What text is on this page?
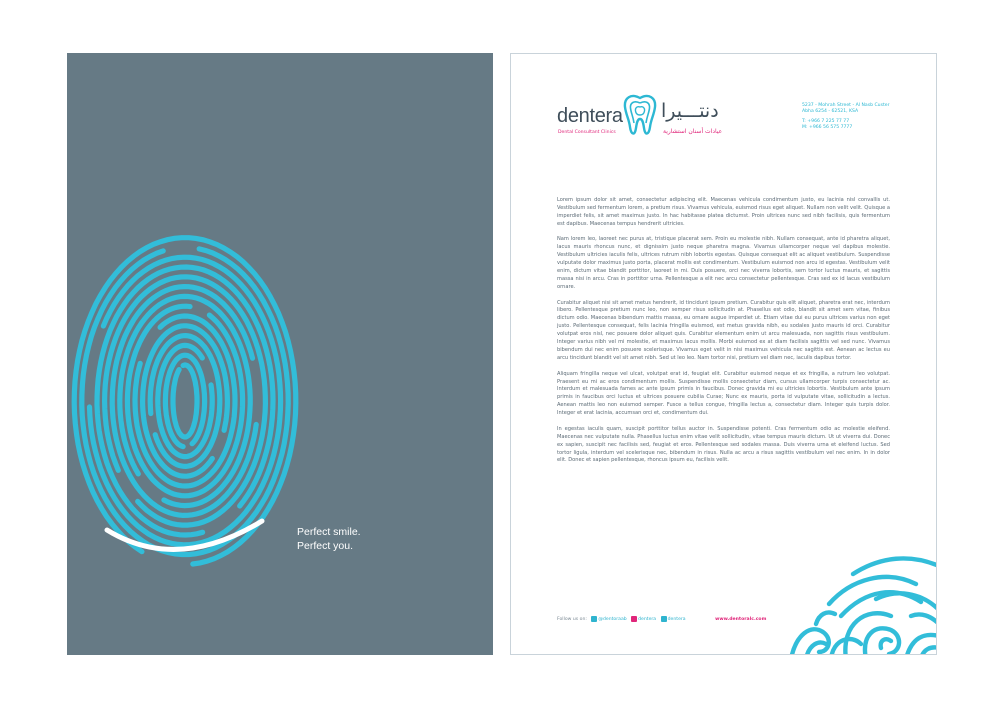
Perfect smile.
Perfect you.
dentera
Dental Consultant Clinics
دنتـــيرا
عيادات أسنان استشارية
5237 - Mohrah Street - Al Nasb Custer
Abha 6254 - 62521, KSA
T: +966 7 225 77 77
M: +966 56 575 7777

Lorem ipsum dolor sit amet, consectetur adipiscing elit. Maecenas vehicula condimentum justo, eu lacinia nisl convallis ut. Vestibulum sed fermentum lorem, a pretium risus. Vivamus vehicula, euismod risus eget aliquet. Nullam non velit velit. Quisque a imperdiet felis, sit amet maximus justo. In hac habitasse platea dictumst. Proin ultrices nunc sed nibh facilisis, quis fermentum est dapibus. Maecenas tempus hendrerit ultricies.

Nam lorem leo, laoreet nec purus at, tristique placerat sem. Proin eu molestie nibh. Nullam consequat, ante id pharetra aliquet, lacus mauris rhoncus nunc, et dignissim justo neque pharetra magna. Vivamus ullamcorper neque vel dapibus molestie. Vestibulum ultricies iaculis felis, ultrices rutrum nibh lobortis egestas. Quisque consequat elit ac aliquet vestibulum. Suspendisse vulputate dolor maximus justo porta, placerat mollis est condimentum. Vestibulum euismod non arcu id egestas. Vestibulum velit enim, dictum vitae blandit porttitor, laoreet in mi. Duis posuere, orci nec viverra lobortis, sem tortor luctus mauris, et sagittis massa nisi in arcu. Cras in porttitor urna. Pellentesque a elit nec arcu consectetur pellentesque. Cras sed ex id lacus vestibulum ornare.

Curabitur aliquet nisi sit amet metus hendrerit, id tincidunt ipsum pretium. Curabitur quis elit aliquet, pharetra erat nec, interdum libero. Pellentesque pretium nunc leo, non semper risus sollicitudin at. Phasellus est odio, blandit sit amet sem vitae, finibus dictum odio. Maecenas bibendum mattis massa, eu ornare augue imperdiet ut. Etiam vitae dui eu purus ultrices varius non eget justo. Pellentesque consequat, felis lacinia fringilla euismod, est metus gravida nibh, eu sodales justo mauris id orci. Curabitur volutpat eros nisl, nec posuere dolor aliquet quis. Curabitur elementum enim ut arcu malesuada, non sagittis risus vestibulum. Integer varius nibh vel mi molestie, et maximus lacus mollis. Morbi euismod ex at diam facilisis sagittis vel sed nunc. Vivamus bibendum dui nec enim posuere scelerisque. Vivamus eget velit in nisi maximus vehicula nec sagittis est. Aenean ac lectus eu arcu tincidunt blandit vel sit amet nibh. Sed ut leo leo. Nam tortor nisi, pretium vel diam nec, iaculis dapibus tortor.

Aliquam fringilla neque vel ulcat, volutpat erat id, feugiat elit. Curabitur euismod neque et ex fringilla, a rutrum leo volutpat. Praesent eu mi ac eros condimentum mollis. Suspendisse mollis consectetur diam, cursus ullamcorper turpis consectetur ac. Interdum et malesuada fames ac ante ipsum primis in faucibus. Donec gravida mi eu ultricies lobortis. Vestibulum ante ipsum primis in faucibus orci luctus et ultrices posuere cubilia Curae; Nunc ex mauris, porta id vulputate vitae, sollicitudin a lectus. Aenean mattis leo non euismod semper. Fusce a tellus congue, fringilla lectus a, consectetur diam. Integer quis turpis dolor. Integer et erat lacinia, accumsan orci et, condimentum dui.

In egestas iaculis quam, suscipit porttitor tellus auctor in. Suspendisse potenti. Cras fermentum odio ac molestie eleifend. Maecenas nec vulputate nulla. Phasellus luctus enim vitae velit sollicitudin, vitae tempus mauris dictum. Ut ut viverra dui. Donec ex sapien, suscipit nec facilisis sed, feugiat et eros. Pellentesque sed sodales massa. Duis viverra urna et eleifend luctus. Sed tortor ligula, interdum vel scelerisque nec, bibendum in risus. Nulla ac arcu a risus sagittis vestibulum vel nec enim. In in dolor elit. Donec et sapien pellentesque, rhoncus ipsum eu, facilisis velit.

Follow us on: @dentoraab dentera dentera	www.dentoralc.com
